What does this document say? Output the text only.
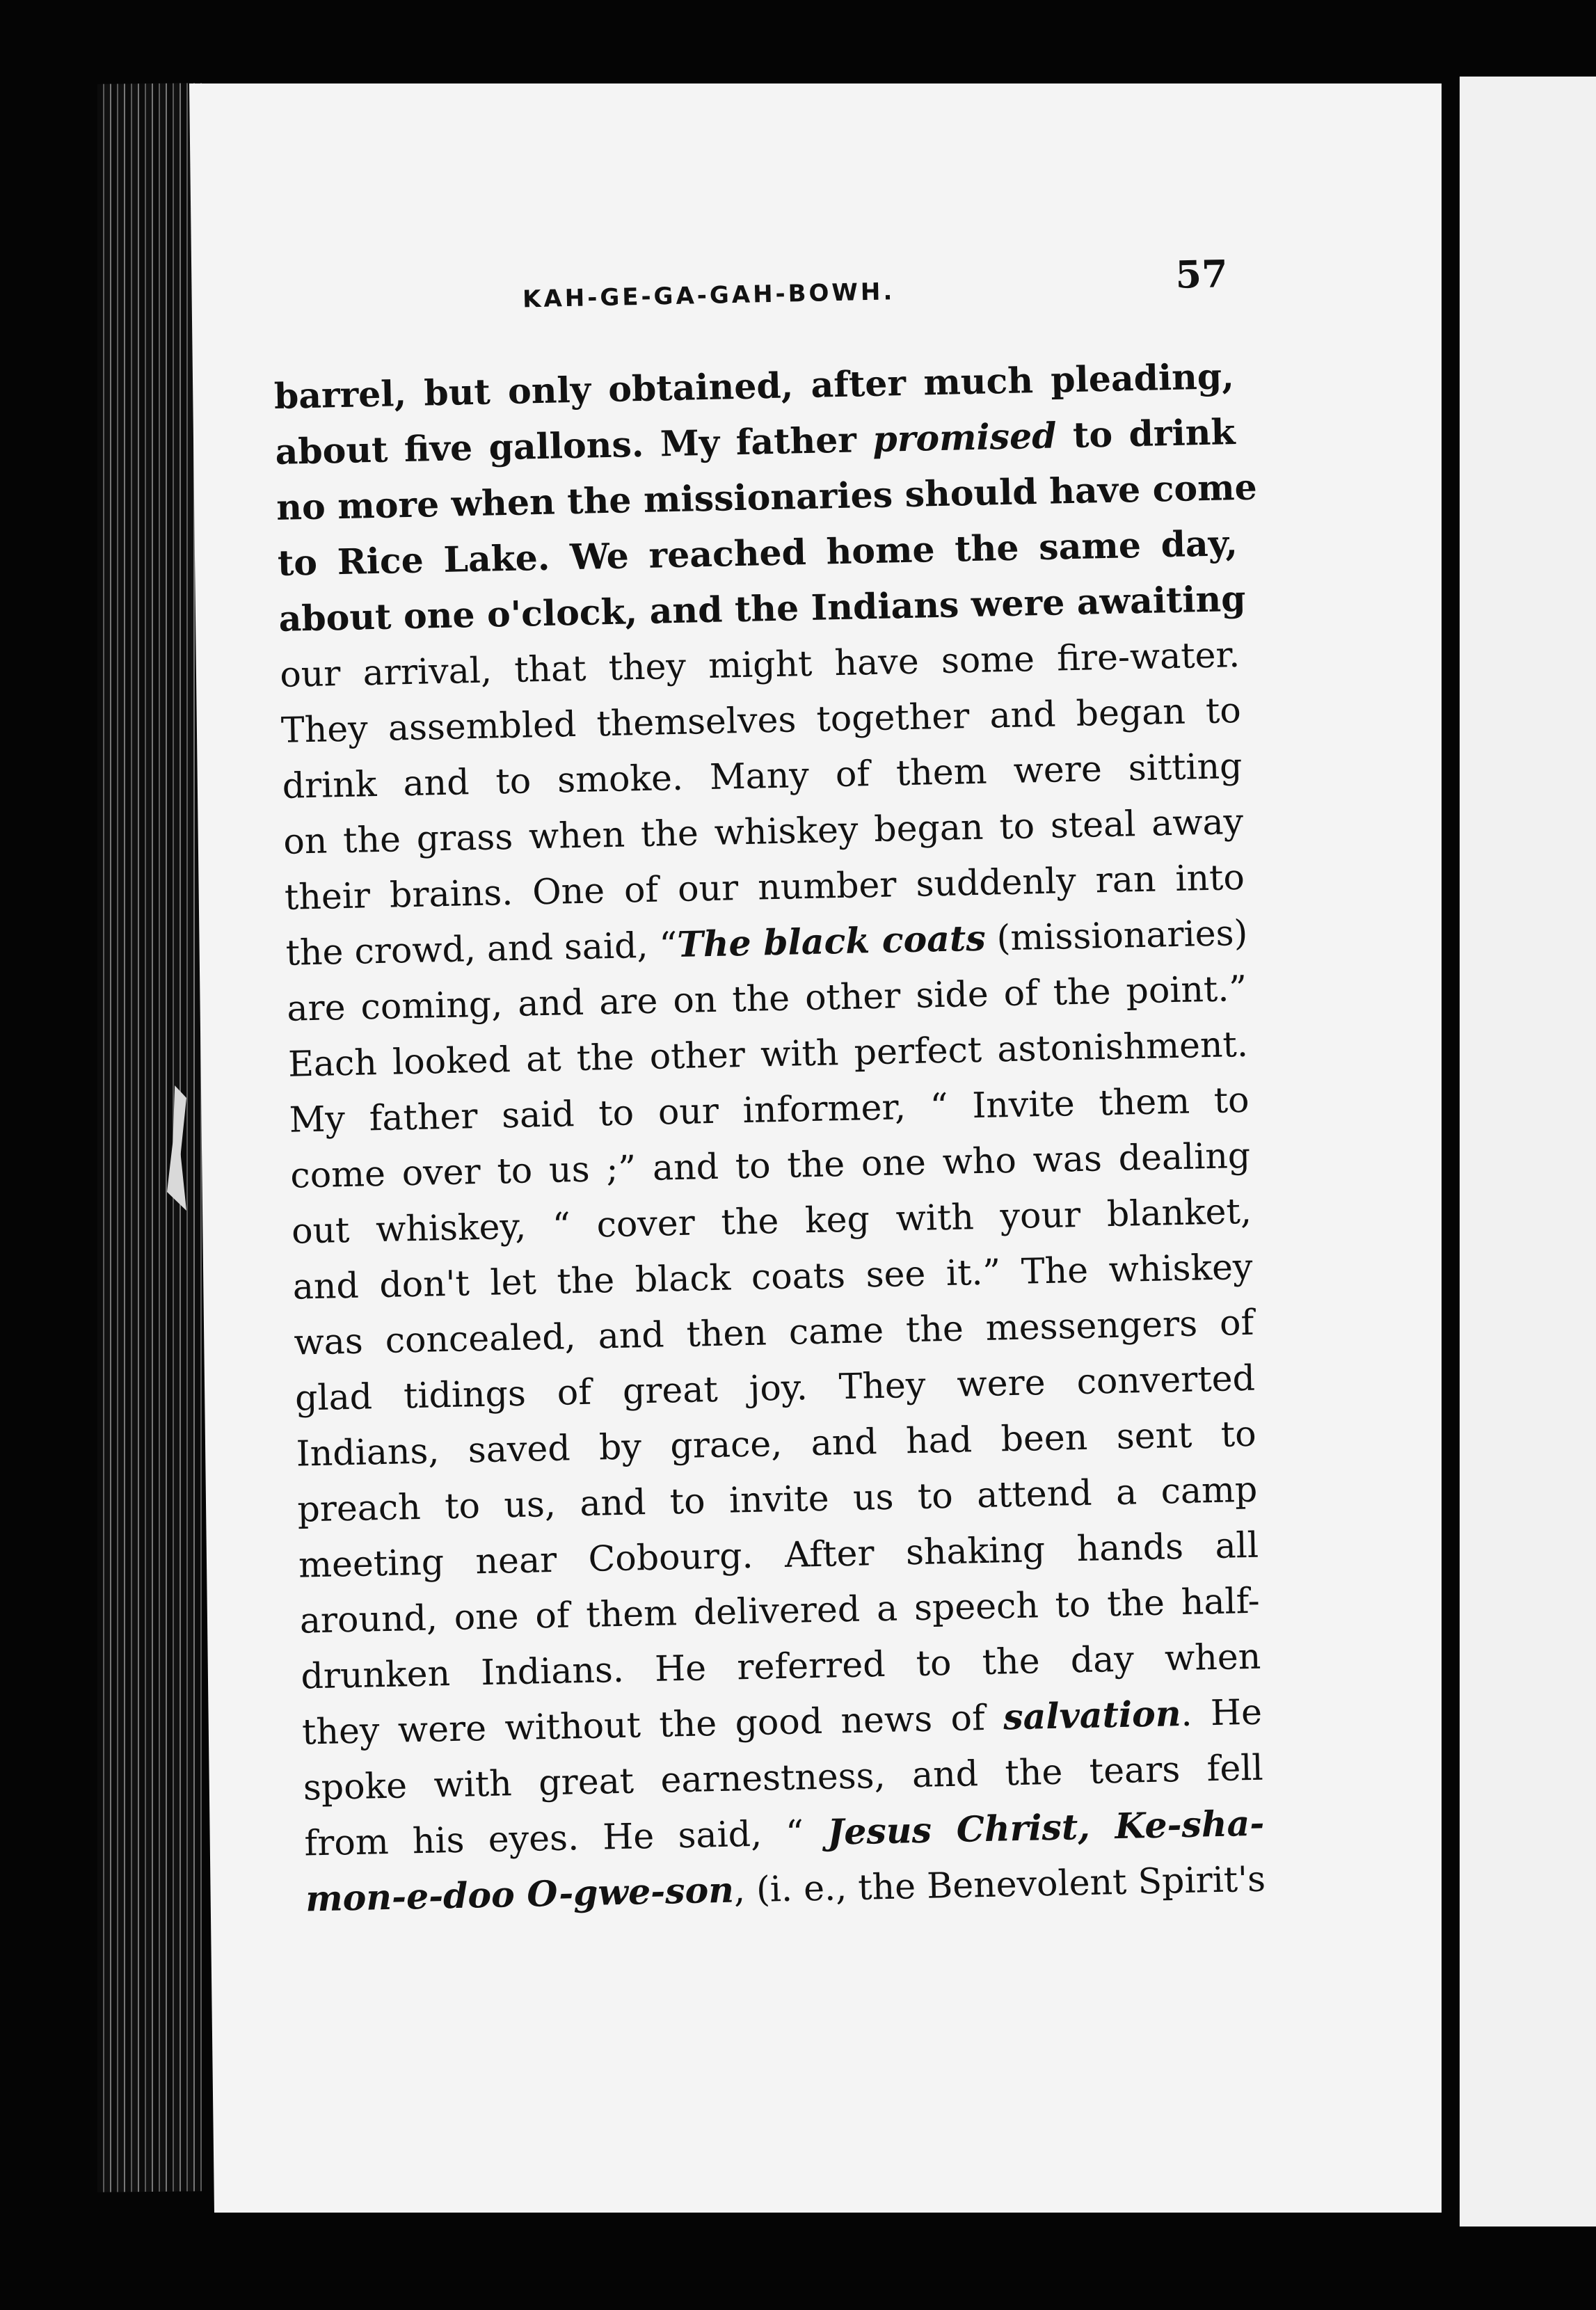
KAH-GE-GA-GAH-BOWH.	57
barrel, but only obtained, after much pleading,
about five gallons. My father promised to drink
no more when the missionaries should have come
to Rice Lake. We reached home the same day,
about one o'clock, and the Indians were awaiting
our arrival, that they might have some fire-water.
They assembled themselves together and began to
drink and to smoke. Many of them were sitting
on the grass when the whiskey began to steal away
their brains. One of our number suddenly ran into
the crowd, and said, “The black coats (missionaries)
are coming, and are on the other side of the point.”
Each looked at the other with perfect astonishment.
My father said to our informer, “ Invite them to
come over to us ;” and to the one who was dealing
out whiskey, “ cover the keg with your blanket,
and don't let the black coats see it.” The whiskey
was concealed, and then came the messengers of
glad tidings of great joy. They were converted
Indians, saved by grace, and had been sent to
preach to us, and to invite us to attend a camp
meeting near Cobourg. After shaking hands all
around, one of them delivered a speech to the half-
drunken Indians. He referred to the day when
they were without the good news of salvation. He
spoke with great earnestness, and the tears fell
from his eyes. He said, “ Jesus Christ, Ke-sha-
mon-e-doo O-gwe-son, (i. e., the Benevolent Spirit's
